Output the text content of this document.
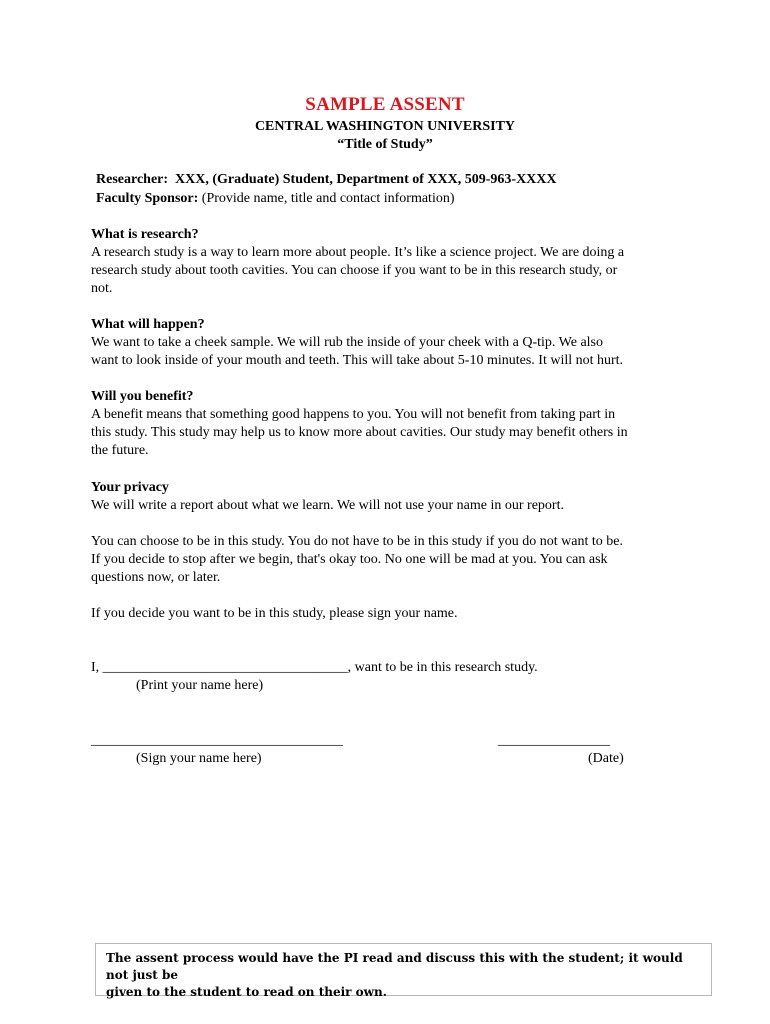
SAMPLE ASSENT
CENTRAL WASHINGTON UNIVERSITY
“Title of Study”
Researcher: XXX, (Graduate) Student, Department of XXX, 509-963-XXXX
Faculty Sponsor: (Provide name, title and contact information)
What is research?
A research study is a way to learn more about people. It’s like a science project. We are doing a
research study about tooth cavities. You can choose if you want to be in this research study, or
not.
What will happen?
We want to take a cheek sample. We will rub the inside of your cheek with a Q-tip. We also
want to look inside of your mouth and teeth. This will take about 5-10 minutes. It will not hurt.
Will you benefit?
A benefit means that something good happens to you. You will not benefit from taking part in
this study. This study may help us to know more about cavities. Our study may benefit others in
the future.
Your privacy
We will write a report about what we learn. We will not use your name in our report.
You can choose to be in this study. You do not have to be in this study if you do not want to be.
If you decide to stop after we begin, that's okay too. No one will be mad at you. You can ask
questions now, or later.
If you decide you want to be in this study, please sign your name.
I, ___________________________________, want to be in this research study.
(Print your name here)
____________________________________
(Sign your name here)
________________
(Date)
The assent process would have the PI read and discuss this with the student; it would not just be
given to the student to read on their own.
